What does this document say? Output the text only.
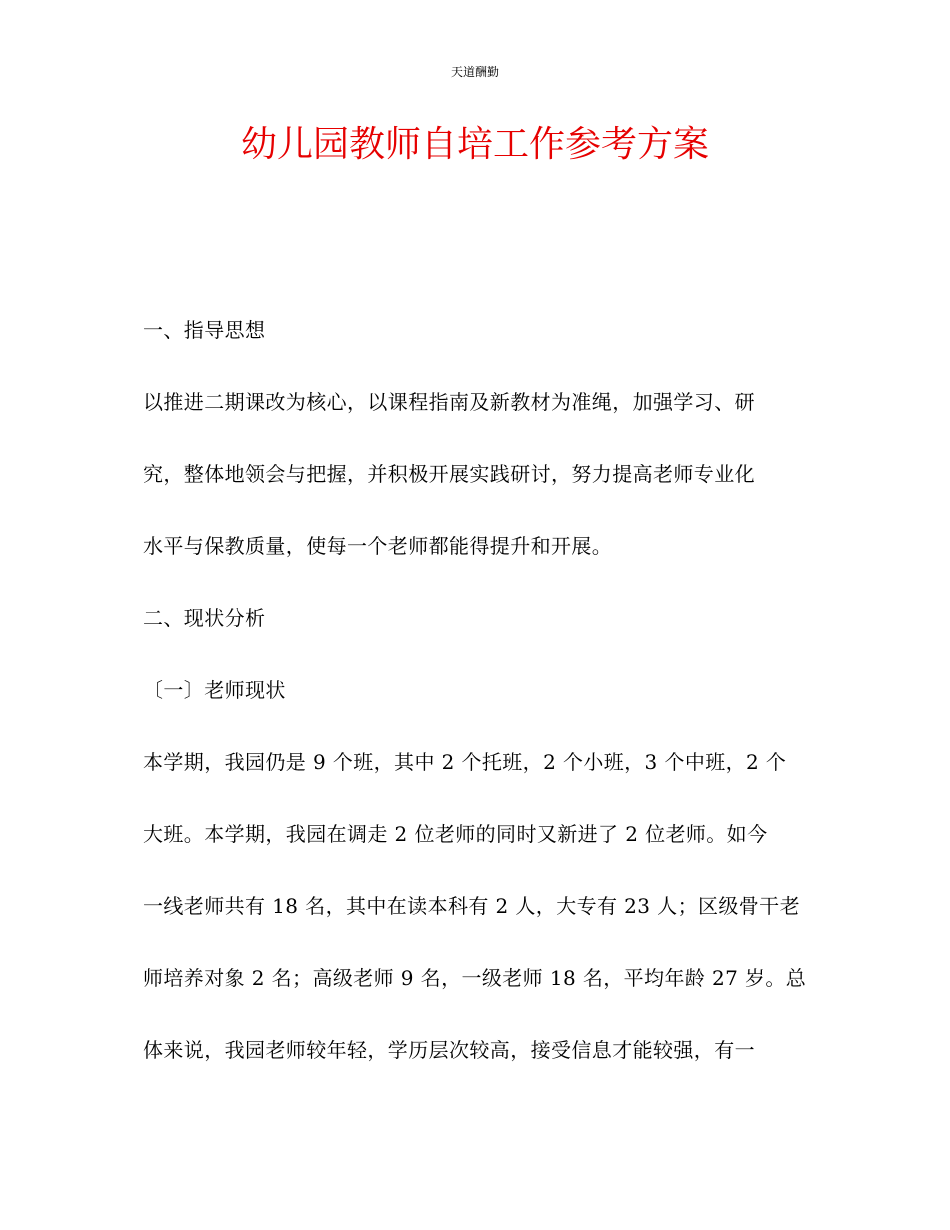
天道酬勤
幼儿园教师自培工作参考方案
一、指导思想
以推进二期课改为核心，以课程指南及新教材为准绳，加强学习、研
究，整体地领会与把握，并积极开展实践研讨，努力提高老师专业化
水平与保教质量，使每一个老师都能得提升和开展。
二、现状分析
〔一〕老师现状
本学期，我园仍是 9 个班，其中 2 个托班，2 个小班，3 个中班，2 个
大班。本学期，我园在调走 2 位老师的同时又新进了 2 位老师。如今
一线老师共有 18 名，其中在读本科有 2 人，大专有 23 人；区级骨干老
师培养对象 2 名；高级老师 9 名，一级老师 18 名，平均年龄 27 岁。总
体来说，我园老师较年轻，学历层次较高，接受信息才能较强，有一
